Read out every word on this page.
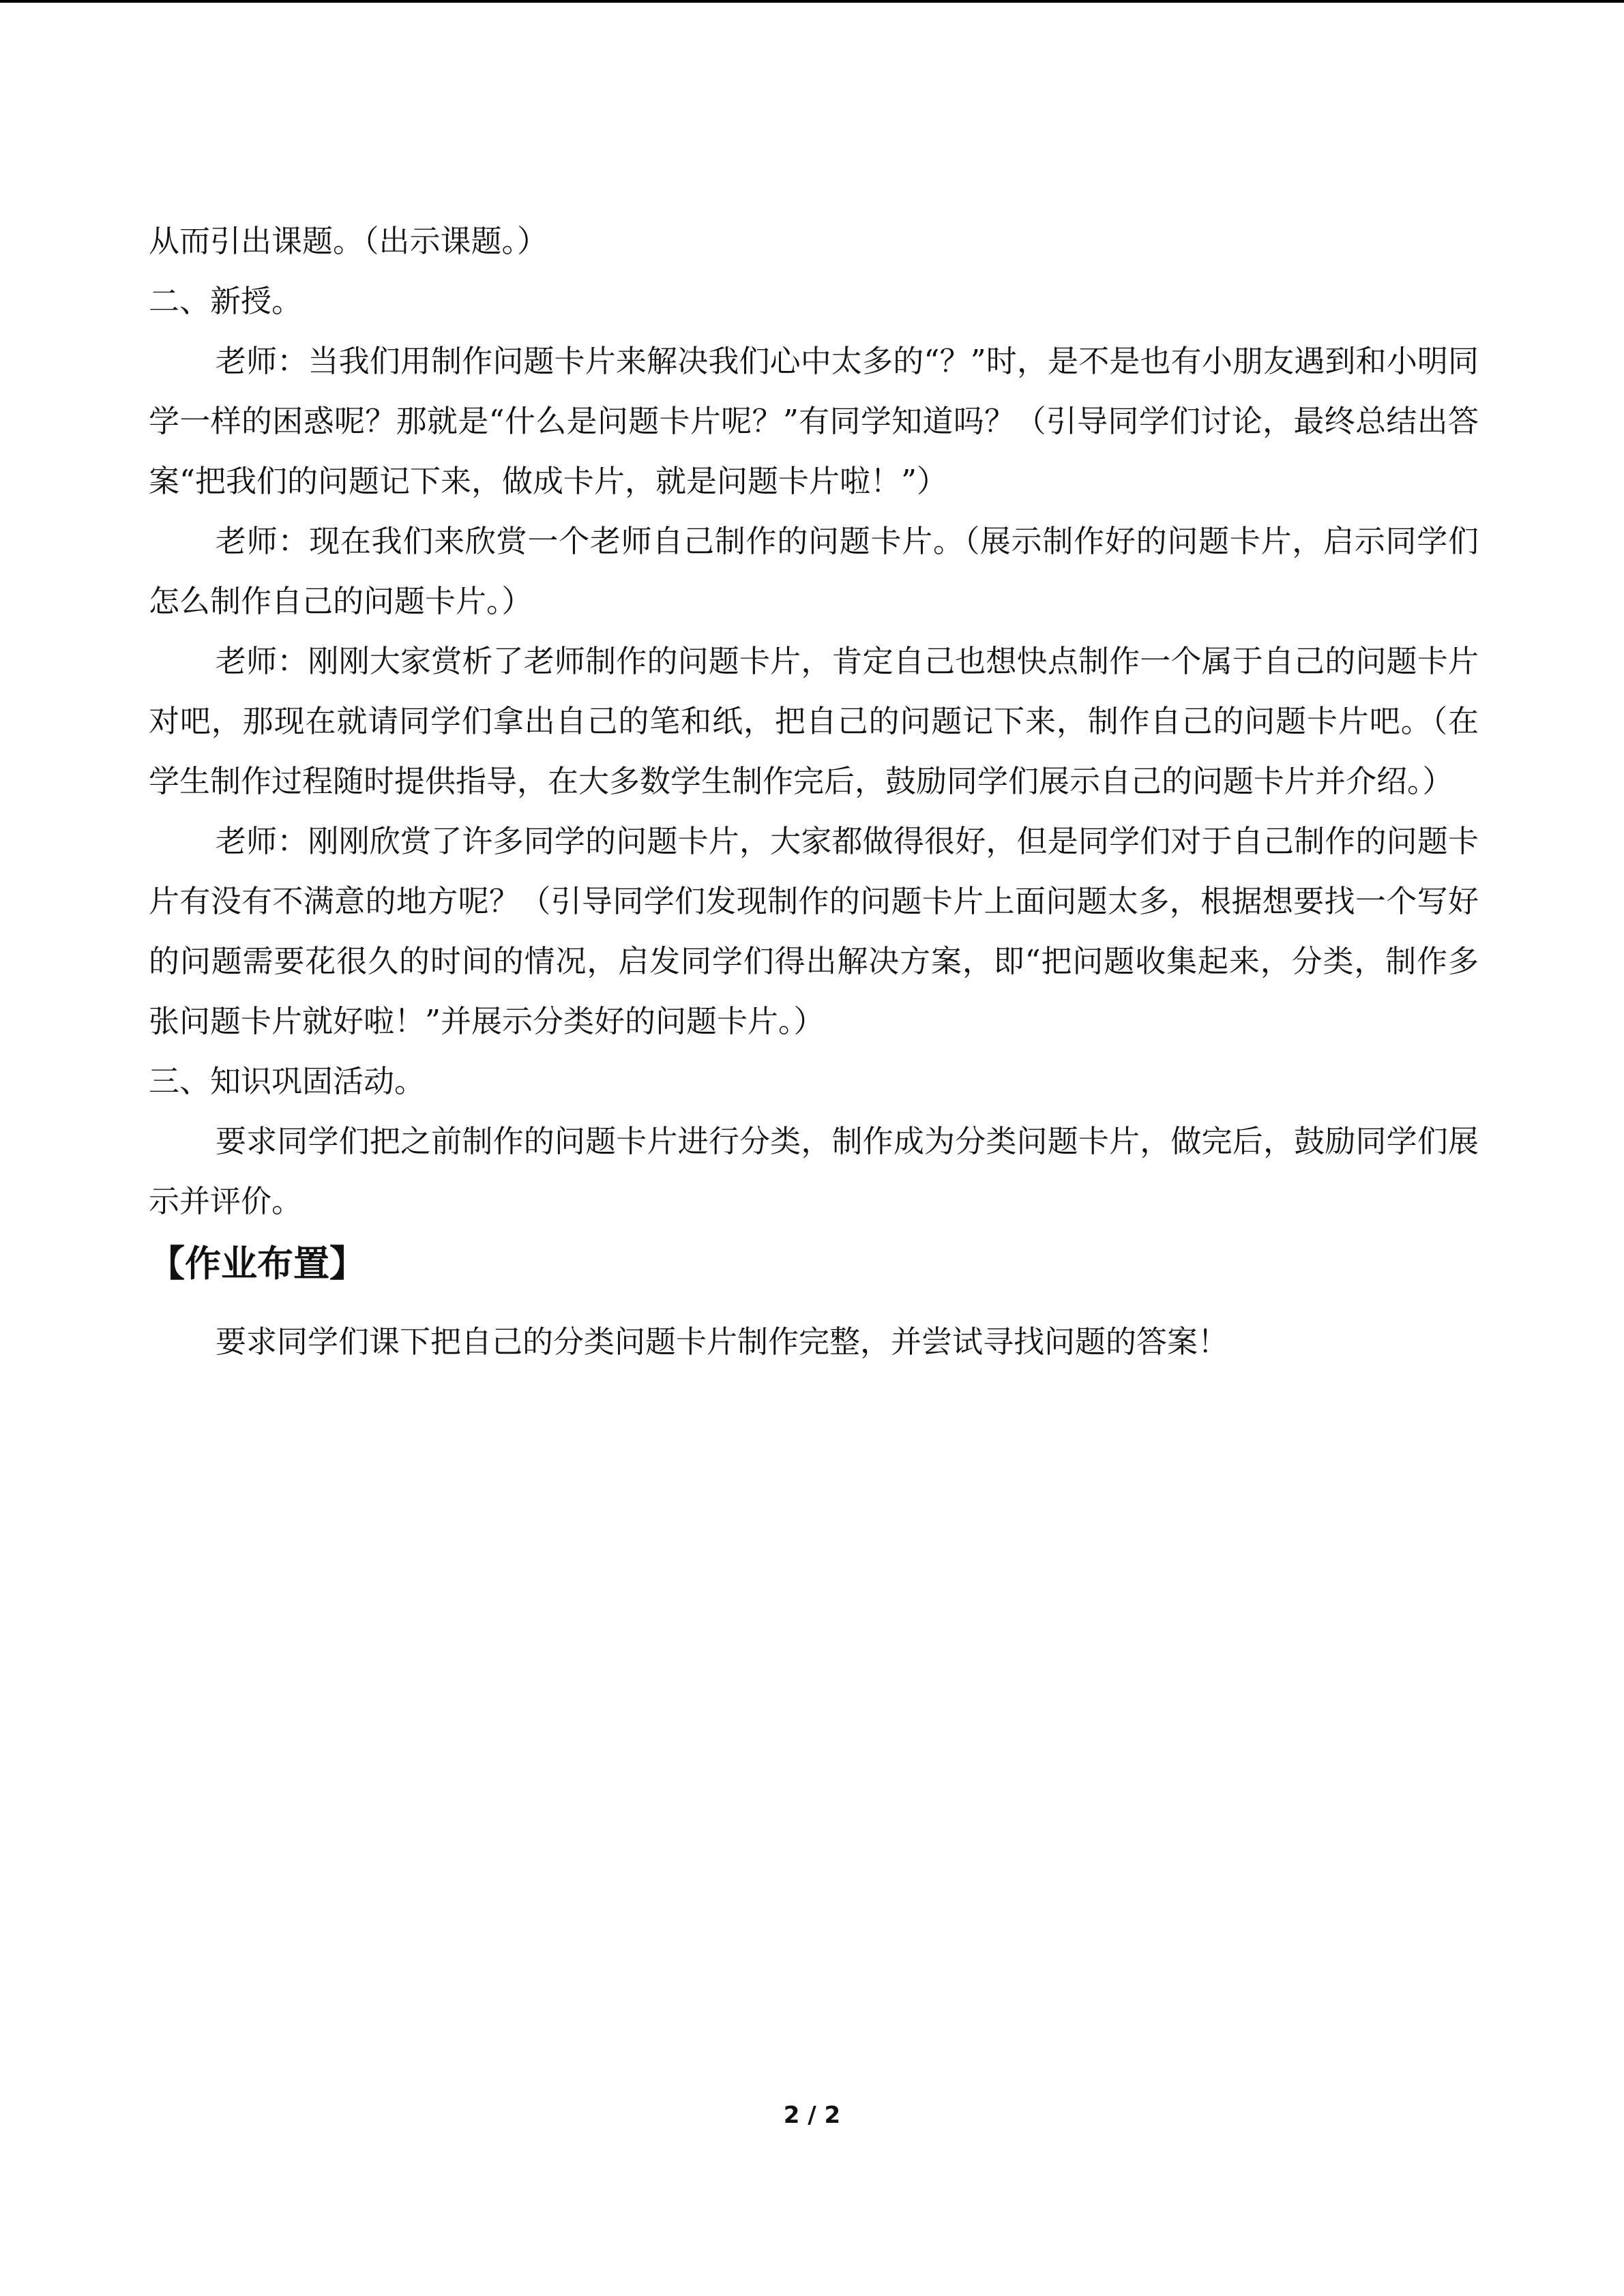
从而引出课题。（出示课题。）

二、新授。

老师：当我们用制作问题卡片来解决我们心中太多的“？”时，是不是也有小朋友遇到和小明同学一样的困惑呢？那就是“什么是问题卡片呢？”有同学知道吗？（引导同学们讨论，最终总结出答案“把我们的问题记下来，做成卡片，就是问题卡片啦！”）

老师：现在我们来欣赏一个老师自己制作的问题卡片。（展示制作好的问题卡片，启示同学们怎么制作自己的问题卡片。）

老师：刚刚大家赏析了老师制作的问题卡片，肯定自己也想快点制作一个属于自己的问题卡片对吧，那现在就请同学们拿出自己的笔和纸，把自己的问题记下来，制作自己的问题卡片吧。（在学生制作过程随时提供指导，在大多数学生制作完后，鼓励同学们展示自己的问题卡片并介绍。）

老师：刚刚欣赏了许多同学的问题卡片，大家都做得很好，但是同学们对于自己制作的问题卡片有没有不满意的地方呢？（引导同学们发现制作的问题卡片上面问题太多，根据想要找一个写好的问题需要花很久的时间的情况，启发同学们得出解决方案，即“把问题收集起来，分类，制作多张问题卡片就好啦！”并展示分类好的问题卡片。）

三、知识巩固活动。

要求同学们把之前制作的问题卡片进行分类，制作成为分类问题卡片，做完后，鼓励同学们展示并评价。

【作业布置】

要求同学们课下把自己的分类问题卡片制作完整，并尝试寻找问题的答案！

2 / 2
